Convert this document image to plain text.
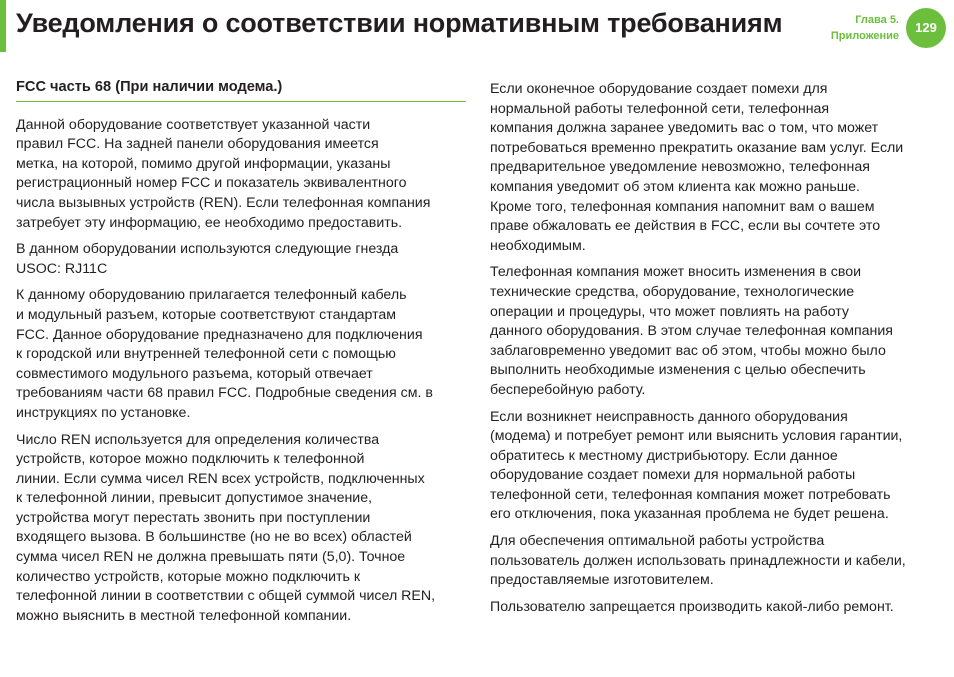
Уведомления о соответствии нормативным требованиям	Глава 5.
Приложение
129
FCC часть 68 (При наличии модема.)

Данной оборудование соответствует указанной части
правил FCC. На задней панели оборудования имеется
метка, на которой, помимо другой информации, указаны
регистрационный номер FCC и показатель эквивалентного
числа вызывных устройств (REN). Если телефонная компания
затребует эту информацию, ее необходимо предоставить.

В данном оборудовании используются следующие гнезда
USOC: RJ11C

К данному оборудованию прилагается телефонный кабель
и модульный разъем, которые соответствуют стандартам
FCC. Данное оборудование предназначено для подключения
к городской или внутренней телефонной сети с помощью
совместимого модульного разъема, который отвечает
требованиям части 68 правил FCC. Подробные сведения см. в
инструкциях по установке.

Число REN используется для определения количества
устройств, которое можно подключить к телефонной
линии. Если сумма чисел REN всех устройств, подключенных
к телефонной линии, превысит допустимое значение,
устройства могут перестать звонить при поступлении
входящего вызова. В большинстве (но не во всех) областей
сумма чисел REN не должна превышать пяти (5,0). Точное
количество устройств, которые можно подключить к
телефонной линии в соответствии с общей суммой чисел REN,
можно выяснить в местной телефонной компании.

Если оконечное оборудование создает помехи для
нормальной работы телефонной сети, телефонная
компания должна заранее уведомить вас о том, что может
потребоваться временно прекратить оказание вам услуг. Если
предварительное уведомление невозможно, телефонная
компания уведомит об этом клиента как можно раньше.
Кроме того, телефонная компания напомнит вам о вашем
праве обжаловать ее действия в FCC, если вы сочтете это
необходимым.

Телефонная компания может вносить изменения в свои
технические средства, оборудование, технологические
операции и процедуры, что может повлиять на работу
данного оборудования. В этом случае телефонная компания
заблаговременно уведомит вас об этом, чтобы можно было
выполнить необходимые изменения с целью обеспечить
бесперебойную работу.

Если возникнет неисправность данного оборудования
(модема) и потребует ремонт или выяснить условия гарантии,
обратитесь к местному дистрибьютору. Если данное
оборудование создает помехи для нормальной работы
телефонной сети, телефонная компания может потребовать
его отключения, пока указанная проблема не будет решена.

Для обеспечения оптимальной работы устройства
пользователь должен использовать принадлежности и кабели,
предоставляемые изготовителем.

Пользователю запрещается производить какой-либо ремонт.
